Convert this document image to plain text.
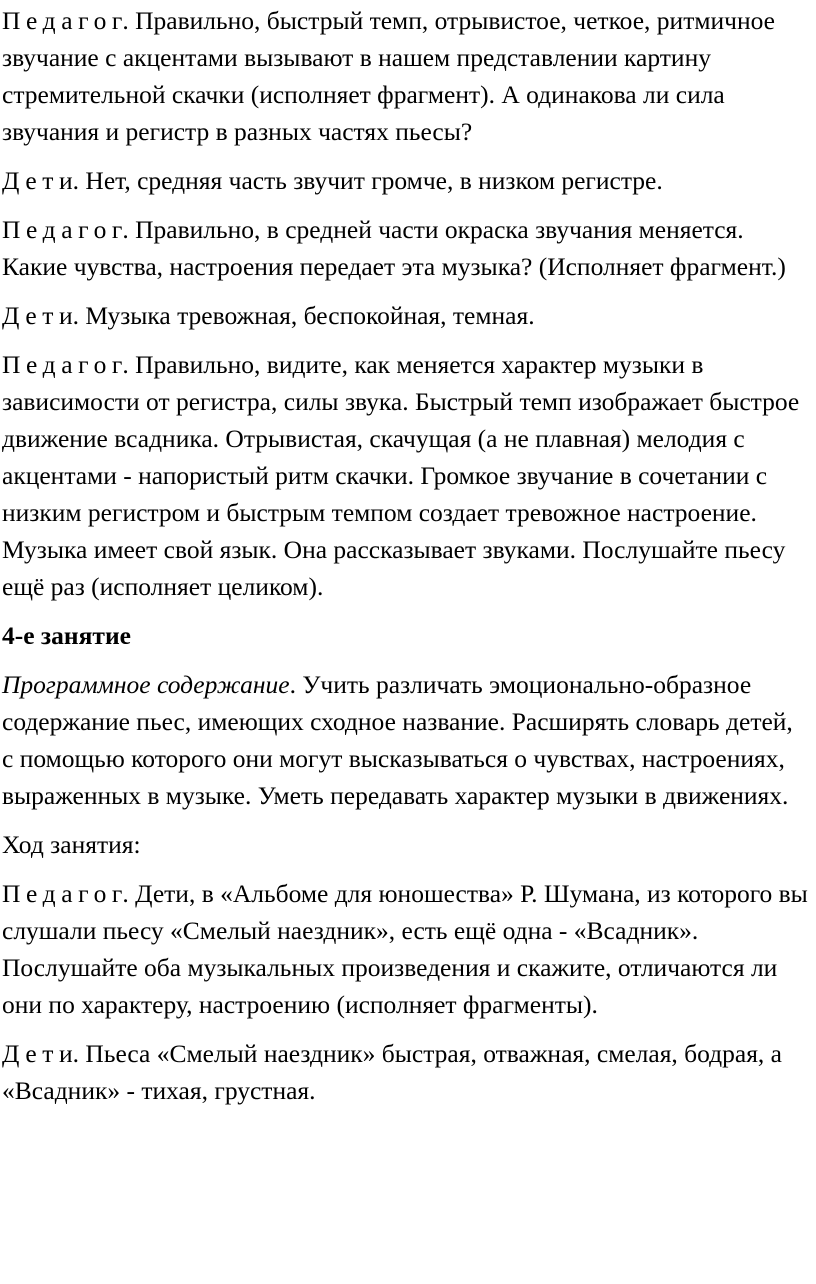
Педагог. Правильно, быстрый темп, отрывистое, четкое, ритмичное звучание с акцентами вызывают в нашем представлении картину стремительной скачки (исполняет фрагмент). А одинакова ли сила звучания и регистр в разных частях пьесы?

Дети. Нет, средняя часть звучит громче, в низком регистре.

Педагог. Правильно, в средней части окраска звучания меняется. Какие чувства, настроения передает эта музыка? (Исполняет фрагмент.)

Дети. Музыка тревожная, беспокойная, темная.

Педагог. Правильно, видите, как меняется характер музыки в зависимости от регистра, силы звука. Быстрый темп изображает быстрое движение всадника. Отрывистая, скачущая (а не плавная) мелодия с акцентами - напористый ритм скачки. Громкое звучание в сочетании с низким регистром и быстрым темпом создает тревожное настроение. Музыка имеет свой язык. Она рассказывает звуками. Послушайте пьесу ещё раз (исполняет целиком).

4-е занятие

Программное содержание. Учить различать эмоционально-образное содержание пьес, имеющих сходное название. Расширять словарь детей, с помощью которого они могут высказываться о чувствах, настроениях, выраженных в музыке. Уметь передавать характер музыки в движениях.

Ход занятия:

Педагог. Дети, в «Альбоме для юношества» Р. Шумана, из которого вы слушали пьесу «Смелый наездник», есть ещё одна - «Всадник». Послушайте оба музыкальных произведения и скажите, отличаются ли они по характеру, настроению (исполняет фрагменты).

Дети. Пьеса «Смелый наездник» быстрая, отважная, смелая, бодрая, а «Всадник» - тихая, грустная.
